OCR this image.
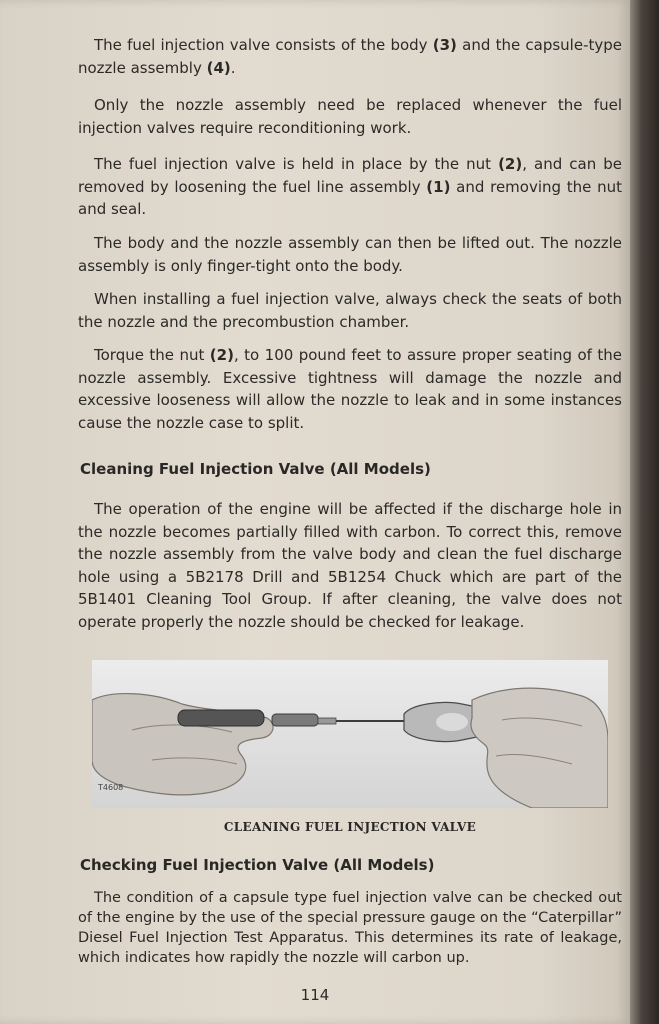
The fuel injection valve consists of the body (3) and the capsule-type nozzle assembly (4).

Only the nozzle assembly need be replaced whenever the fuel injection valves require reconditioning work.

The fuel injection valve is held in place by the nut (2), and can be removed by loosening the fuel line assembly (1) and removing the nut and seal.

The body and the nozzle assembly can then be lifted out. The nozzle assembly is only finger-tight onto the body.

When installing a fuel injection valve, always check the seats of both the nozzle and the precombustion chamber.

Torque the nut (2), to 100 pound feet to assure proper seating of the nozzle assembly. Excessive tightness will damage the nozzle and excessive looseness will allow the nozzle to leak and in some instances cause the nozzle case to split.

Cleaning Fuel Injection Valve (All Models)

The operation of the engine will be affected if the discharge hole in the nozzle becomes partially filled with carbon. To correct this, remove the nozzle assembly from the valve body and clean the fuel discharge hole using a 5B2178 Drill and 5B1254 Chuck which are part of the 5B1401 Cleaning Tool Group. If after cleaning, the valve does not operate properly the nozzle should be checked for leakage.

T4608

CLEANING FUEL INJECTION VALVE

Checking Fuel Injection Valve (All Models)

The condition of a capsule type fuel injection valve can be checked out of the engine by the use of the special pressure gauge on the “Caterpillar” Diesel Fuel Injection Test Apparatus. This determines its rate of leakage, which indicates how rapidly the nozzle will carbon up.

114
